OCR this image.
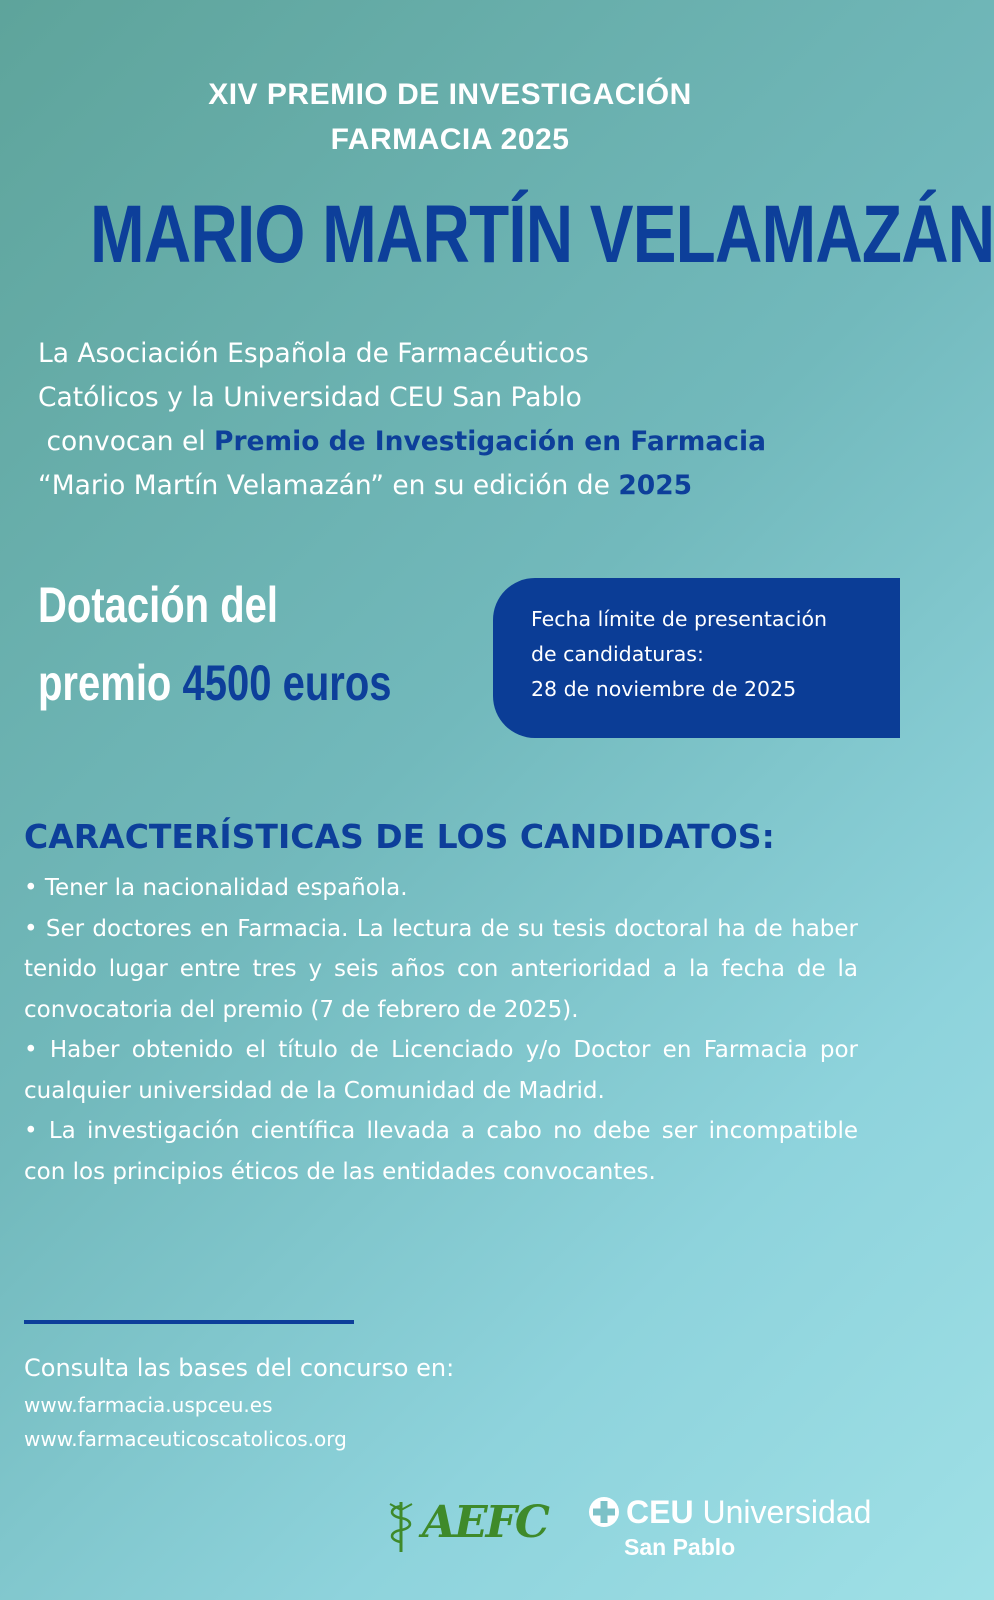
XIV PREMIO DE INVESTIGACIÓN
FARMACIA 2025
MARIO MARTÍN VELAMAZÁN
La Asociación Española de Farmacéuticos
Católicos y la Universidad CEU San Pablo
convocan el Premio de Investigación en Farmacia
“Mario Martín Velamazán” en su edición de 2025
Dotación del
premio 4500 euros
Fecha límite de presentación
de candidaturas:
28 de noviembre de 2025
CARACTERÍSTICAS DE LOS CANDIDATOS:

• Tener la nacionalidad española.

• Ser doctores en Farmacia. La lectura de su tesis doctoral ha de haber tenido lugar entre tres y seis años con anterioridad a la fecha de la convocatoria del premio (7 de febrero de 2025).

• Haber obtenido el título de Licenciado y/o Doctor en Farmacia por cualquier universidad de la Comunidad de Madrid.

• La investigación científica llevada a cabo no debe ser incompatible con los principios éticos de las entidades convocantes.

Consulta las bases del concurso en:
www.farmacia.uspceu.es
www.farmaceuticoscatolicos.org
AEFC CEU Universidad
San Pablo
